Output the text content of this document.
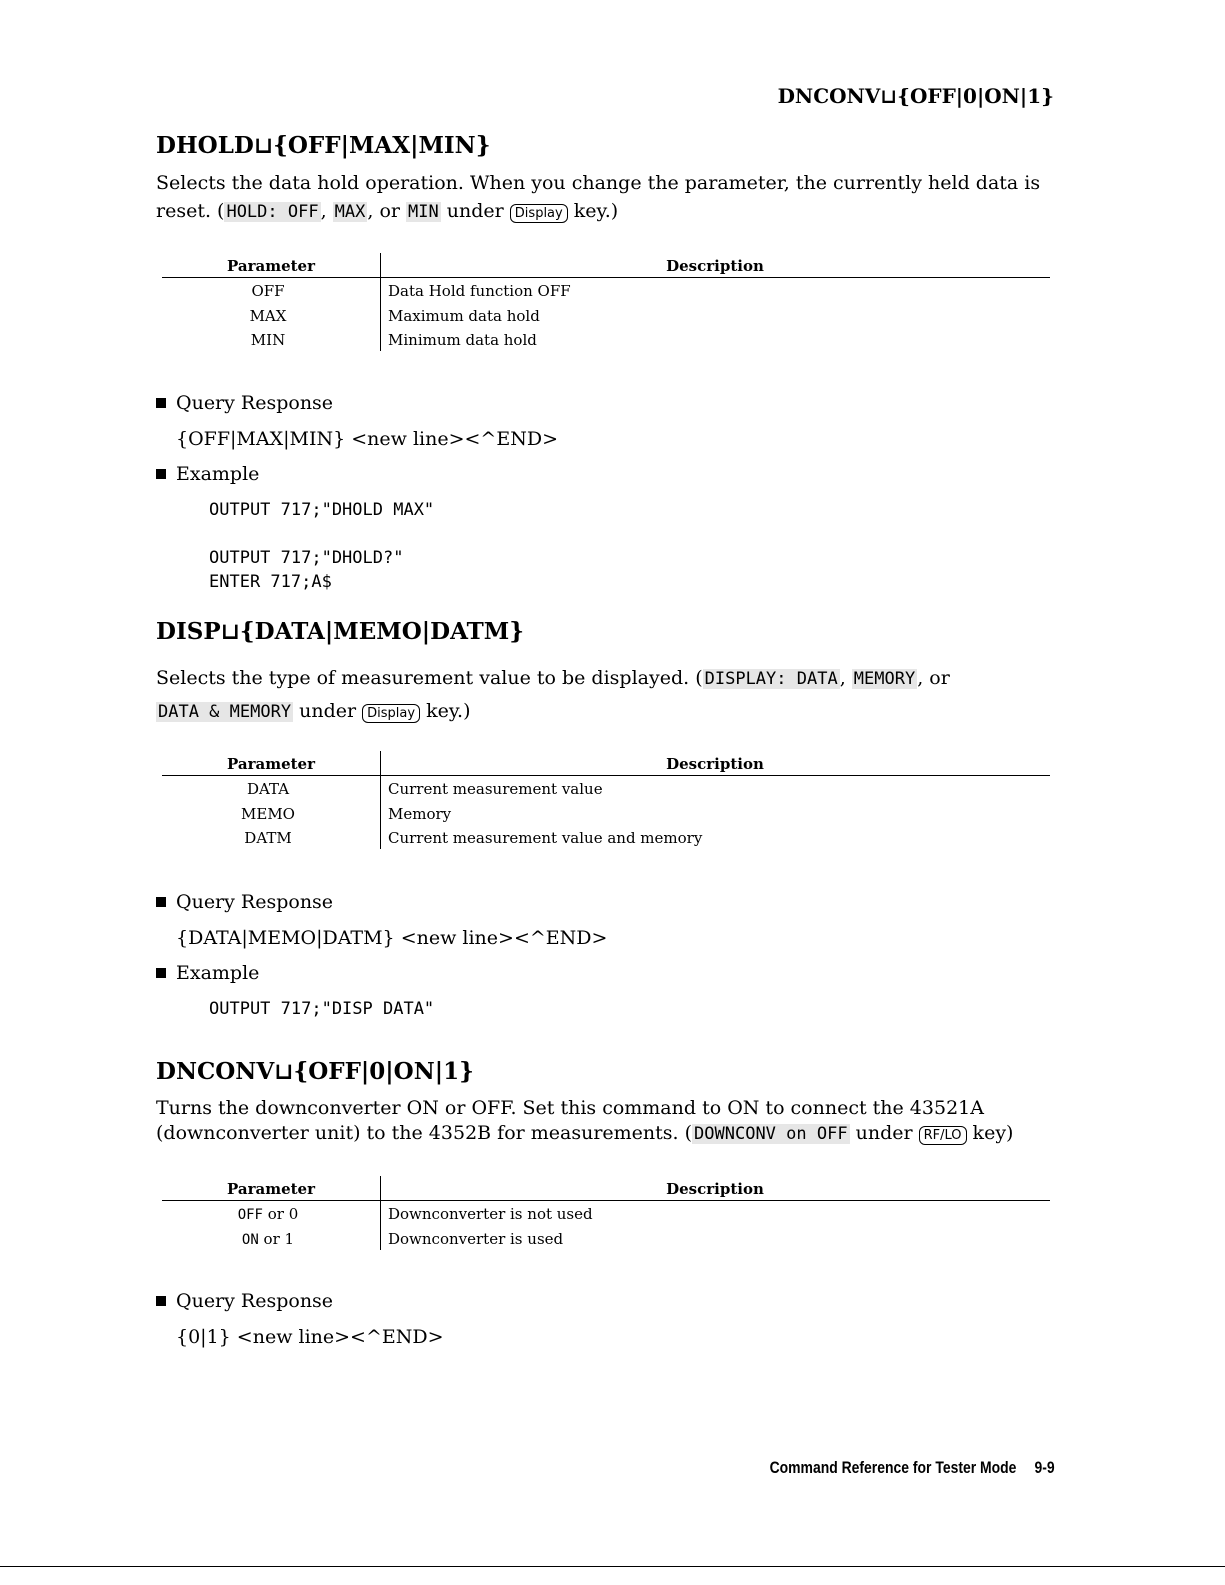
DNCONV⊔{OFF|0|ON|1}
DHOLD⊔{OFF|MAX|MIN}
Selects the data hold operation. When you change the parameter, the currently held data is
reset. ( HOLD: OFF , MAX , or MIN under Display key.)
Parameter	Description
OFF	Data Hold function OFF
MAX	Maximum data hold
MIN	Minimum data hold
Query Response
{OFF|MAX|MIN} <new line><^END>
Example
OUTPUT 717;"DHOLD MAX"

OUTPUT 717;"DHOLD?"
ENTER 717;A$
DISP⊔{DATA|MEMO|DATM}
Selects the type of measurement value to be displayed. ( DISPLAY: DATA , MEMORY , or
DATA & MEMORY under Display key.)
Parameter	Description
DATA	Current measurement value
MEMO	Memory
DATM	Current measurement value and memory
Query Response
{DATA|MEMO|DATM} <new line><^END>
Example
OUTPUT 717;"DISP DATA"
DNCONV⊔{OFF|0|ON|1}
Turns the downconverter ON or OFF. Set this command to ON to connect the 43521A
(downconverter unit) to the 4352B for measurements. ( DOWNCONV on OFF under RF/LO key)
Parameter	Description
OFF or 0	Downconverter is not used
ON or 1	Downconverter is used
Query Response
{0|1} <new line><^END>
Command Reference for Tester Mode 9-9
